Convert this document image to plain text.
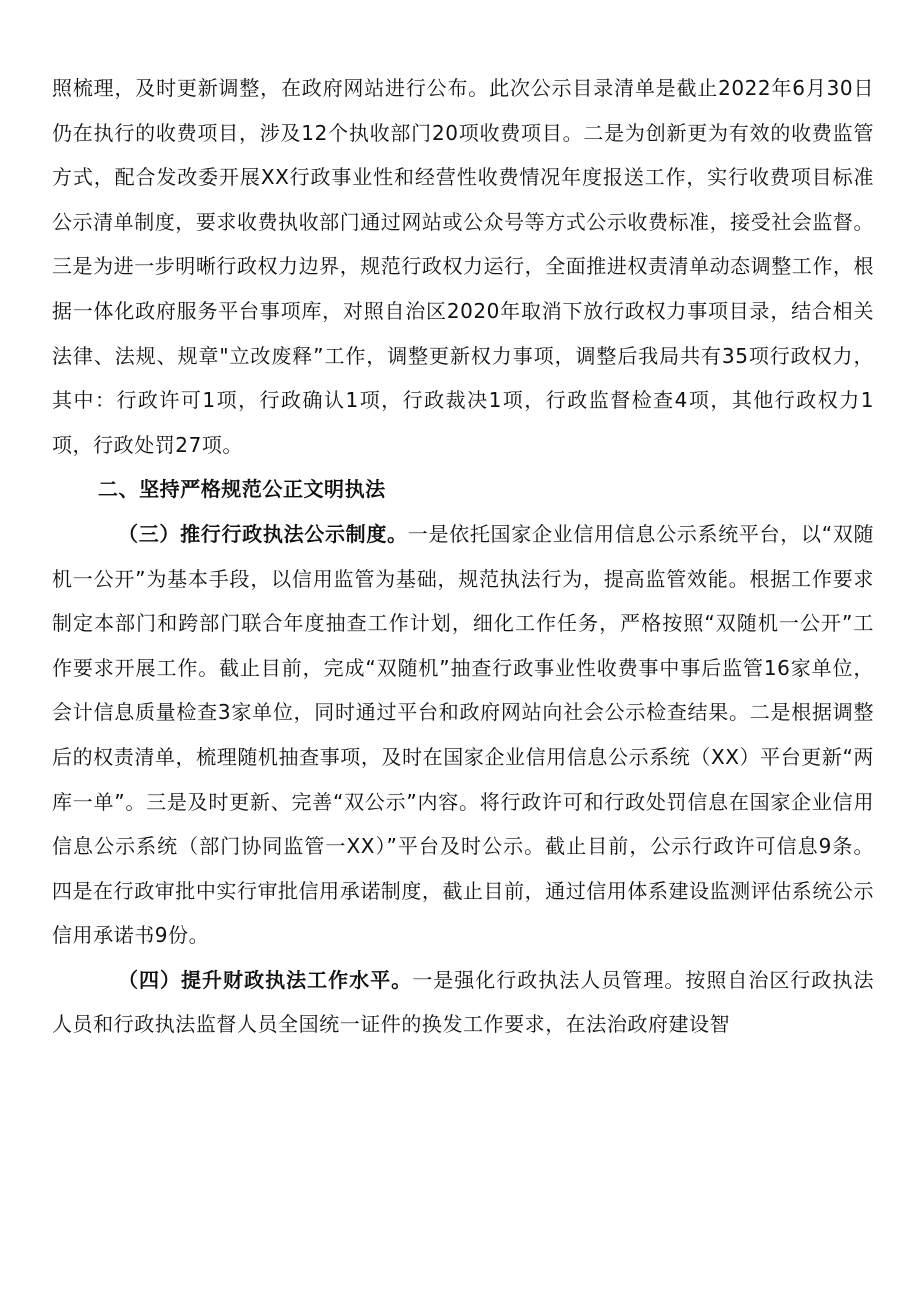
照梳理，及时更新调整，在政府网站进行公布。此次公示目录清单是截止2022年6月30日仍在执行的收费项目，涉及12个执收部门20项收费项目。二是为创新更为有效的收费监管方式，配合发改委开展XX行政事业性和经营性收费情况年度报送工作，实行收费项目标准公示清单制度，要求收费执收部门通过网站或公众号等方式公示收费标准，接受社会监督。三是为进一步明晰行政权力边界，规范行政权力运行，全面推进权责清单动态调整工作，根据一体化政府服务平台事项库，对照自治区2020年取消下放行政权力事项目录，结合相关法律、法规、规章"立改废释”工作，调整更新权力事项，调整后我局共有35项行政权力，其中：行政许可1项，行政确认1项，行政裁决1项，行政监督检查4项，其他行政权力1项，行政处罚27项。

二、坚持严格规范公正文明执法

（三）推行行政执法公示制度。一是依托国家企业信用信息公示系统平台，以“双随机一公开”为基本手段，以信用监管为基础，规范执法行为，提高监管效能。根据工作要求制定本部门和跨部门联合年度抽查工作计划，细化工作任务，严格按照“双随机一公开”工作要求开展工作。截止目前，完成“双随机”抽查行政事业性收费事中事后监管16家单位，会计信息质量检查3家单位，同时通过平台和政府网站向社会公示检查结果。二是根据调整后的权责清单，梳理随机抽查事项，及时在国家企业信用信息公示系统（XX）平台更新“两库一单”。三是及时更新、完善“双公示”内容。将行政许可和行政处罚信息在国家企业信用信息公示系统（部门协同监管一XX）”平台及时公示。截止目前，公示行政许可信息9条。四是在行政审批中实行审批信用承诺制度，截止目前，通过信用体系建设监测评估系统公示信用承诺书9份。

（四）提升财政执法工作水平。一是强化行政执法人员管理。按照自治区行政执法人员和行政执法监督人员全国统一证件的换发工作要求，在法治政府建设智
